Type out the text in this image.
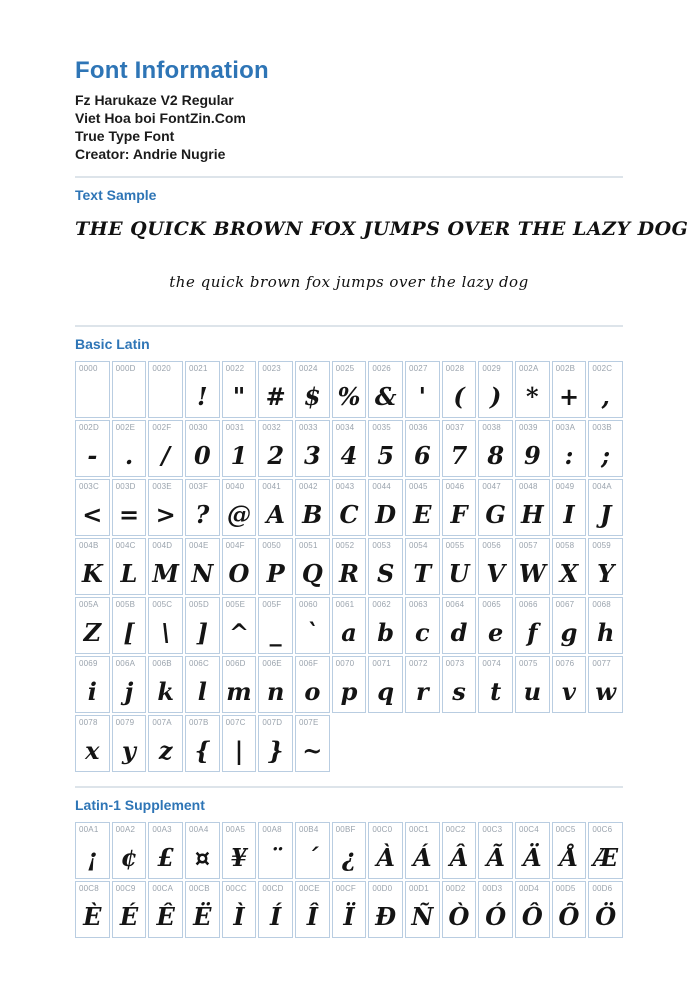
Font Information
Fz Harukaze V2 Regular
Viet Hoa boi FontZin.Com
True Type Font
Creator: Andrie Nugrie
Text Sample
THE QUICK BROWN FOX JUMPS OVER THE LAZY DOG
the quick brown fox jumps over the lazy dog
Basic Latin
0000 000D 0020 0021
!
0022
"
0023
#
0024
$
0025
%
0026
&
0027
'
0028
(
0029
)
002A
*
002B
+
002C
,
002D
-
002E
.
002F
/
0030
0
0031
1
0032
2
0033
3
0034
4
0035
5
0036
6
0037
7
0038
8
0039
9
003A
:
003B
;
003C
<
003D
=
003E
>
003F
?
0040
@
0041
A
0042
B
0043
C
0044
D
0045
E
0046
F
0047
G
0048
H
0049
I
004A
J
004B
K
004C
L
004D
M
004E
N
004F
O
0050
P
0051
Q
0052
R
0053
S
0054
T
0055
U
0056
V
0057
W
0058
X
0059
Y
005A
Z
005B
[
005C
\
005D
]
005E
^
005F
_
0060
`
0061
a
0062
b
0063
c
0064
d
0065
e
0066
f
0067
g
0068
h
0069
i
006A
j
006B
k
006C
l
006D
m
006E
n
006F
o
0070
p
0071
q
0072
r
0073
s
0074
t
0075
u
0076
v
0077
w
0078
x
0079
y
007A
z
007B
{
007C
|
007D
}
007E
~
Latin-1 Supplement
00A1
¡
00A2
¢
00A3
£
00A4
¤
00A5
¥
00A8
¨
00B4
´
00BF
¿
00C0
À
00C1
Á
00C2
Â
00C3
Ã
00C4
Ä
00C5
Å
00C6
Æ
00C8
È
00C9
É
00CA
Ê
00CB
Ë
00CC
Ì
00CD
Í
00CE
Î
00CF
Ï
00D0
Ð
00D1
Ñ
00D2
Ò
00D3
Ó
00D4
Ô
00D5
Õ
00D6
Ö
